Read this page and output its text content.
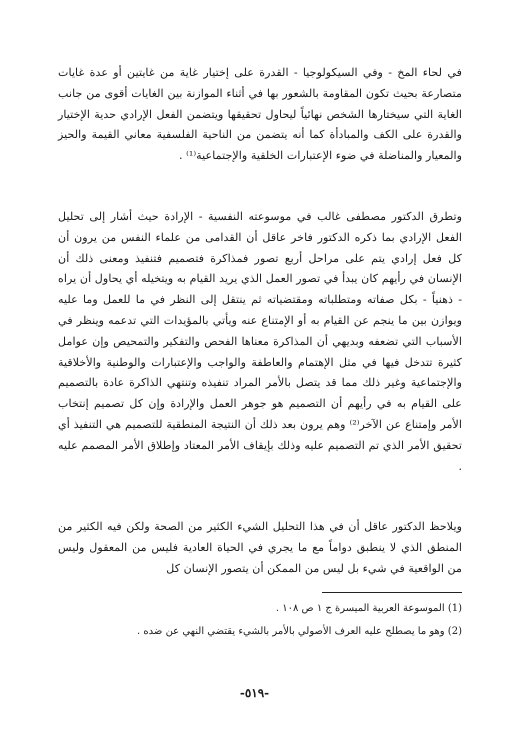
في لحاء المخ - وفي السيكولوجيا - القدرة على إختيار غاية من غايتين أو عدة غايات متصارعة بحيث تكون المقاومة بالشعور بها في أثناء الموازنة بين الغايات أقوى من جانب الغاية التي سيختارها الشخص نهائياً ليحاول تحقيقها ويتضمن الفعل الإرادي حدية الإختيار والقدرة على الكف والمبادأة كما أنه يتضمن من الناحية الفلسفية معاني القيمة والحيز والمعيار والمناضلة في ضوء الإعتبارات الخلقية والإجتماعية⁽¹⁾ .
وتطرق الدكتور مصطفى غالب في موسوعته النفسية - الإرادة حيث أشار إلى تحليل الفعل الإرادي بما ذكره الدكتور فاخر عاقل أن القدامى من علماء النفس من يرون أن كل فعل إرادي يتم على مراحل أربع تصور فمذاكرة فتصميم فتنفيذ ومعنى ذلك أن الإنسان في رأيهم كان يبدأ في تصور العمل الذي يريد القيام به ويتخيله أي يحاول أن يراه - ذهنياً - بكل صفاته ومتطلباته ومقتضياته ثم ينتقل إلى النظر في ما للعمل وما عليه ويوازن بين ما ينجم عن القيام به أو الإمتناع عنه ويأتي بالمؤيدات التي تدعمه وينظر في الأسباب التي تضعفه وبديهي أن المذاكرة معناها الفحص والتفكير والتمحيص وإن عوامل كثيرة تتدخل فيها في مثل الإهتمام والعاطفة والواجب والإعتبارات والوطنية والأخلاقية والإجتماعية وغير ذلك مما قد يتصل بالأمر المراد تنفيذه وتنتهي الذاكرة عادة بالتصميم على القيام به في رأيهم أن التصميم هو جوهر العمل والإرادة وإن كل تصميم إنتخاب الأمر وإمتناع عن الآخر⁽²⁾ وهم يرون بعد ذلك أن النتيجة المنطقية للتصميم هي التنفيذ أي تحقيق الأمر الذي تم التصميم عليه وذلك بإيقاف الأمر المعتاد وإطلاق الأمر المصمم عليه .
ويلاحظ الدكتور عاقل أن في هذا التحليل الشيء الكثير من الصحة ولكن فيه الكثير من المنطق الذي لا ينطبق دواماً مع ما يجري في الحياة العادية فليس من المعقول وليس من الواقعية في شيء بل ليس من الممكن أن يتصور الإنسان كل
(1) الموسوعة العربية الميسرة ج ١ ص ١٠٨ .
(2) وهو ما يصطلح عليه العرف الأصولي بالأمر بالشيء يقتضي النهي عن ضده .
-٥١٩-
